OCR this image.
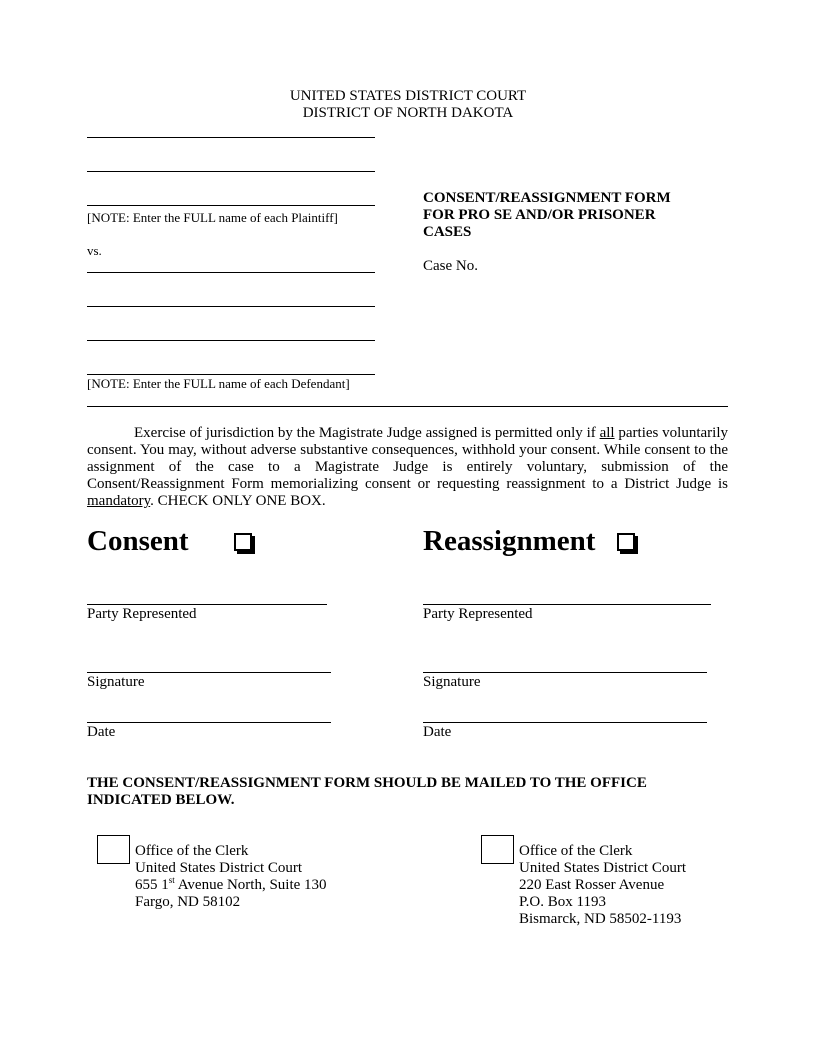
UNITED STATES DISTRICT COURT
DISTRICT OF NORTH DAKOTA
[NOTE: Enter the FULL name of each Plaintiff]
vs.
[NOTE: Enter the FULL name of each Defendant]
CONSENT/REASSIGNMENT FORM
FOR PRO SE AND/OR PRISONER
CASES
Case No.
Exercise of jurisdiction by the Magistrate Judge assigned is permitted only if all parties voluntarily consent. You may, without adverse substantive consequences, withhold your consent. While consent to the assignment of the case to a Magistrate Judge is entirely voluntary, submission of the Consent/Reassignment Form memorializing consent or requesting reassignment to a District Judge is mandatory. CHECK ONLY ONE BOX.
Consent	Reassignment
Party Represented
Signature
Date
Party Represented
Signature
Date
THE CONSENT/REASSIGNMENT FORM SHOULD BE MAILED TO THE OFFICE
INDICATED BELOW.
Office of the Clerk
United States District Court
655 1st Avenue North, Suite 130
Fargo, ND 58102
Office of the Clerk
United States District Court
220 East Rosser Avenue
P.O. Box 1193
Bismarck, ND 58502-1193
